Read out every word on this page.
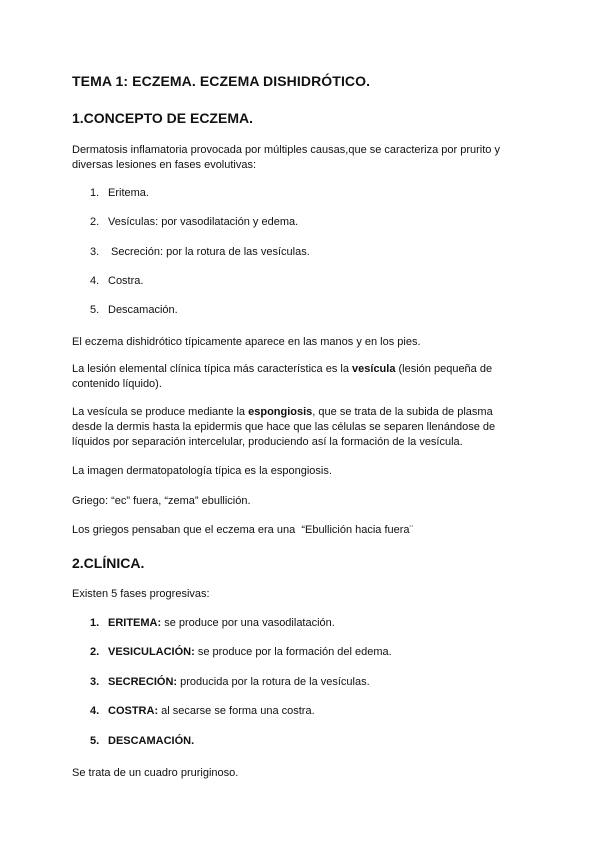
TEMA 1: ECZEMA. ECZEMA DISHIDRÓTICO.
1.CONCEPTO DE ECZEMA.
Dermatosis inflamatoria provocada por múltiples causas,que se caracteriza por prurito y
diversas lesiones en fases evolutivas:
1. Eritema.
2. Vesículas: por vasodilatación y edema.
3. Secreción: por la rotura de las vesículas.
4. Costra.
5. Descamación.
El eczema dishidrótico típicamente aparece en las manos y en los pies.
La lesión elemental clínica típica más característica es la vesícula (lesión pequeña de
contenido líquido).
La vesícula se produce mediante la espongiosis, que se trata de la subida de plasma
desde la dermis hasta la epidermis que hace que las células se separen llenándose de
líquidos por separación intercelular, produciendo así la formación de la vesícula.
La imagen dermatopatología típica es la espongiosis.
Griego: “ec” fuera, “zema” ebullición.
Los griegos pensaban que el eczema era una  “Ebullición hacia fuera¨
2.CLÍNICA.
Existen 5 fases progresivas:
1. ERITEMA: se produce por una vasodilatación.
2. VESICULACIÓN: se produce por la formación del edema.
3. SECRECIÓN: producida por la rotura de la vesículas.
4. COSTRA: al secarse se forma una costra.
5. DESCAMACIÓN.
Se trata de un cuadro pruriginoso.
